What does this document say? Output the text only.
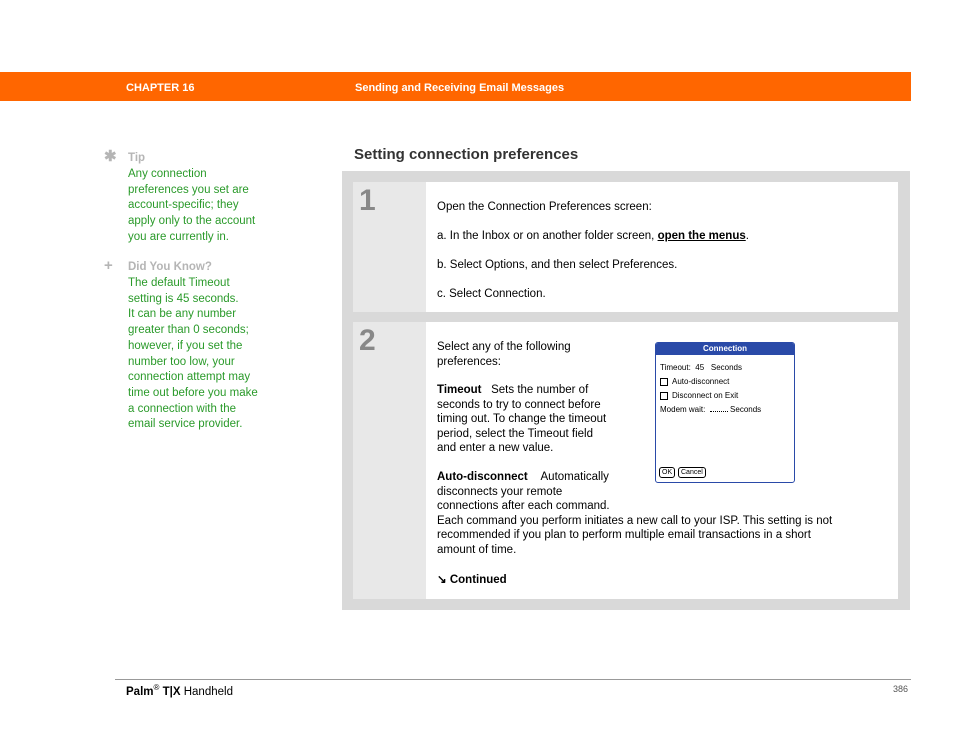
CHAPTER 16	Sending and Receiving Email Messages
✱ Tip
Any connection
preferences you set are
account-specific; they
apply only to the account
you are currently in.
+	Did You Know?
The default Timeout
setting is 45 seconds.
It can be any number
greater than 0 seconds;
however, if you set the
number too low, your
connection attempt may
time out before you make
a connection with the
email service provider.
Setting connection preferences
1	Open the Connection Preferences screen:
a. In the Inbox or on another folder screen, open the menus.
b. Select Options, and then select Preferences.
c. Select Connection.
2	Select any of the following
preferences:
Timeout Sets the number of
seconds to try to connect before
timing out. To change the timeout
period, select the Timeout field
and enter a new value.
Auto-disconnect Automatically
disconnects your remote
connections after each command.
Each command you perform initiates a new call to your ISP. This setting is not
recommended if you plan to perform multiple email transactions in a short
amount of time.
↘ Continued
Connection
Timeout: 45 Seconds
Auto-disconnect
Disconnect on Exit
Modem wait:	Seconds
OK	Cancel
Palm® T|X Handheld	386
